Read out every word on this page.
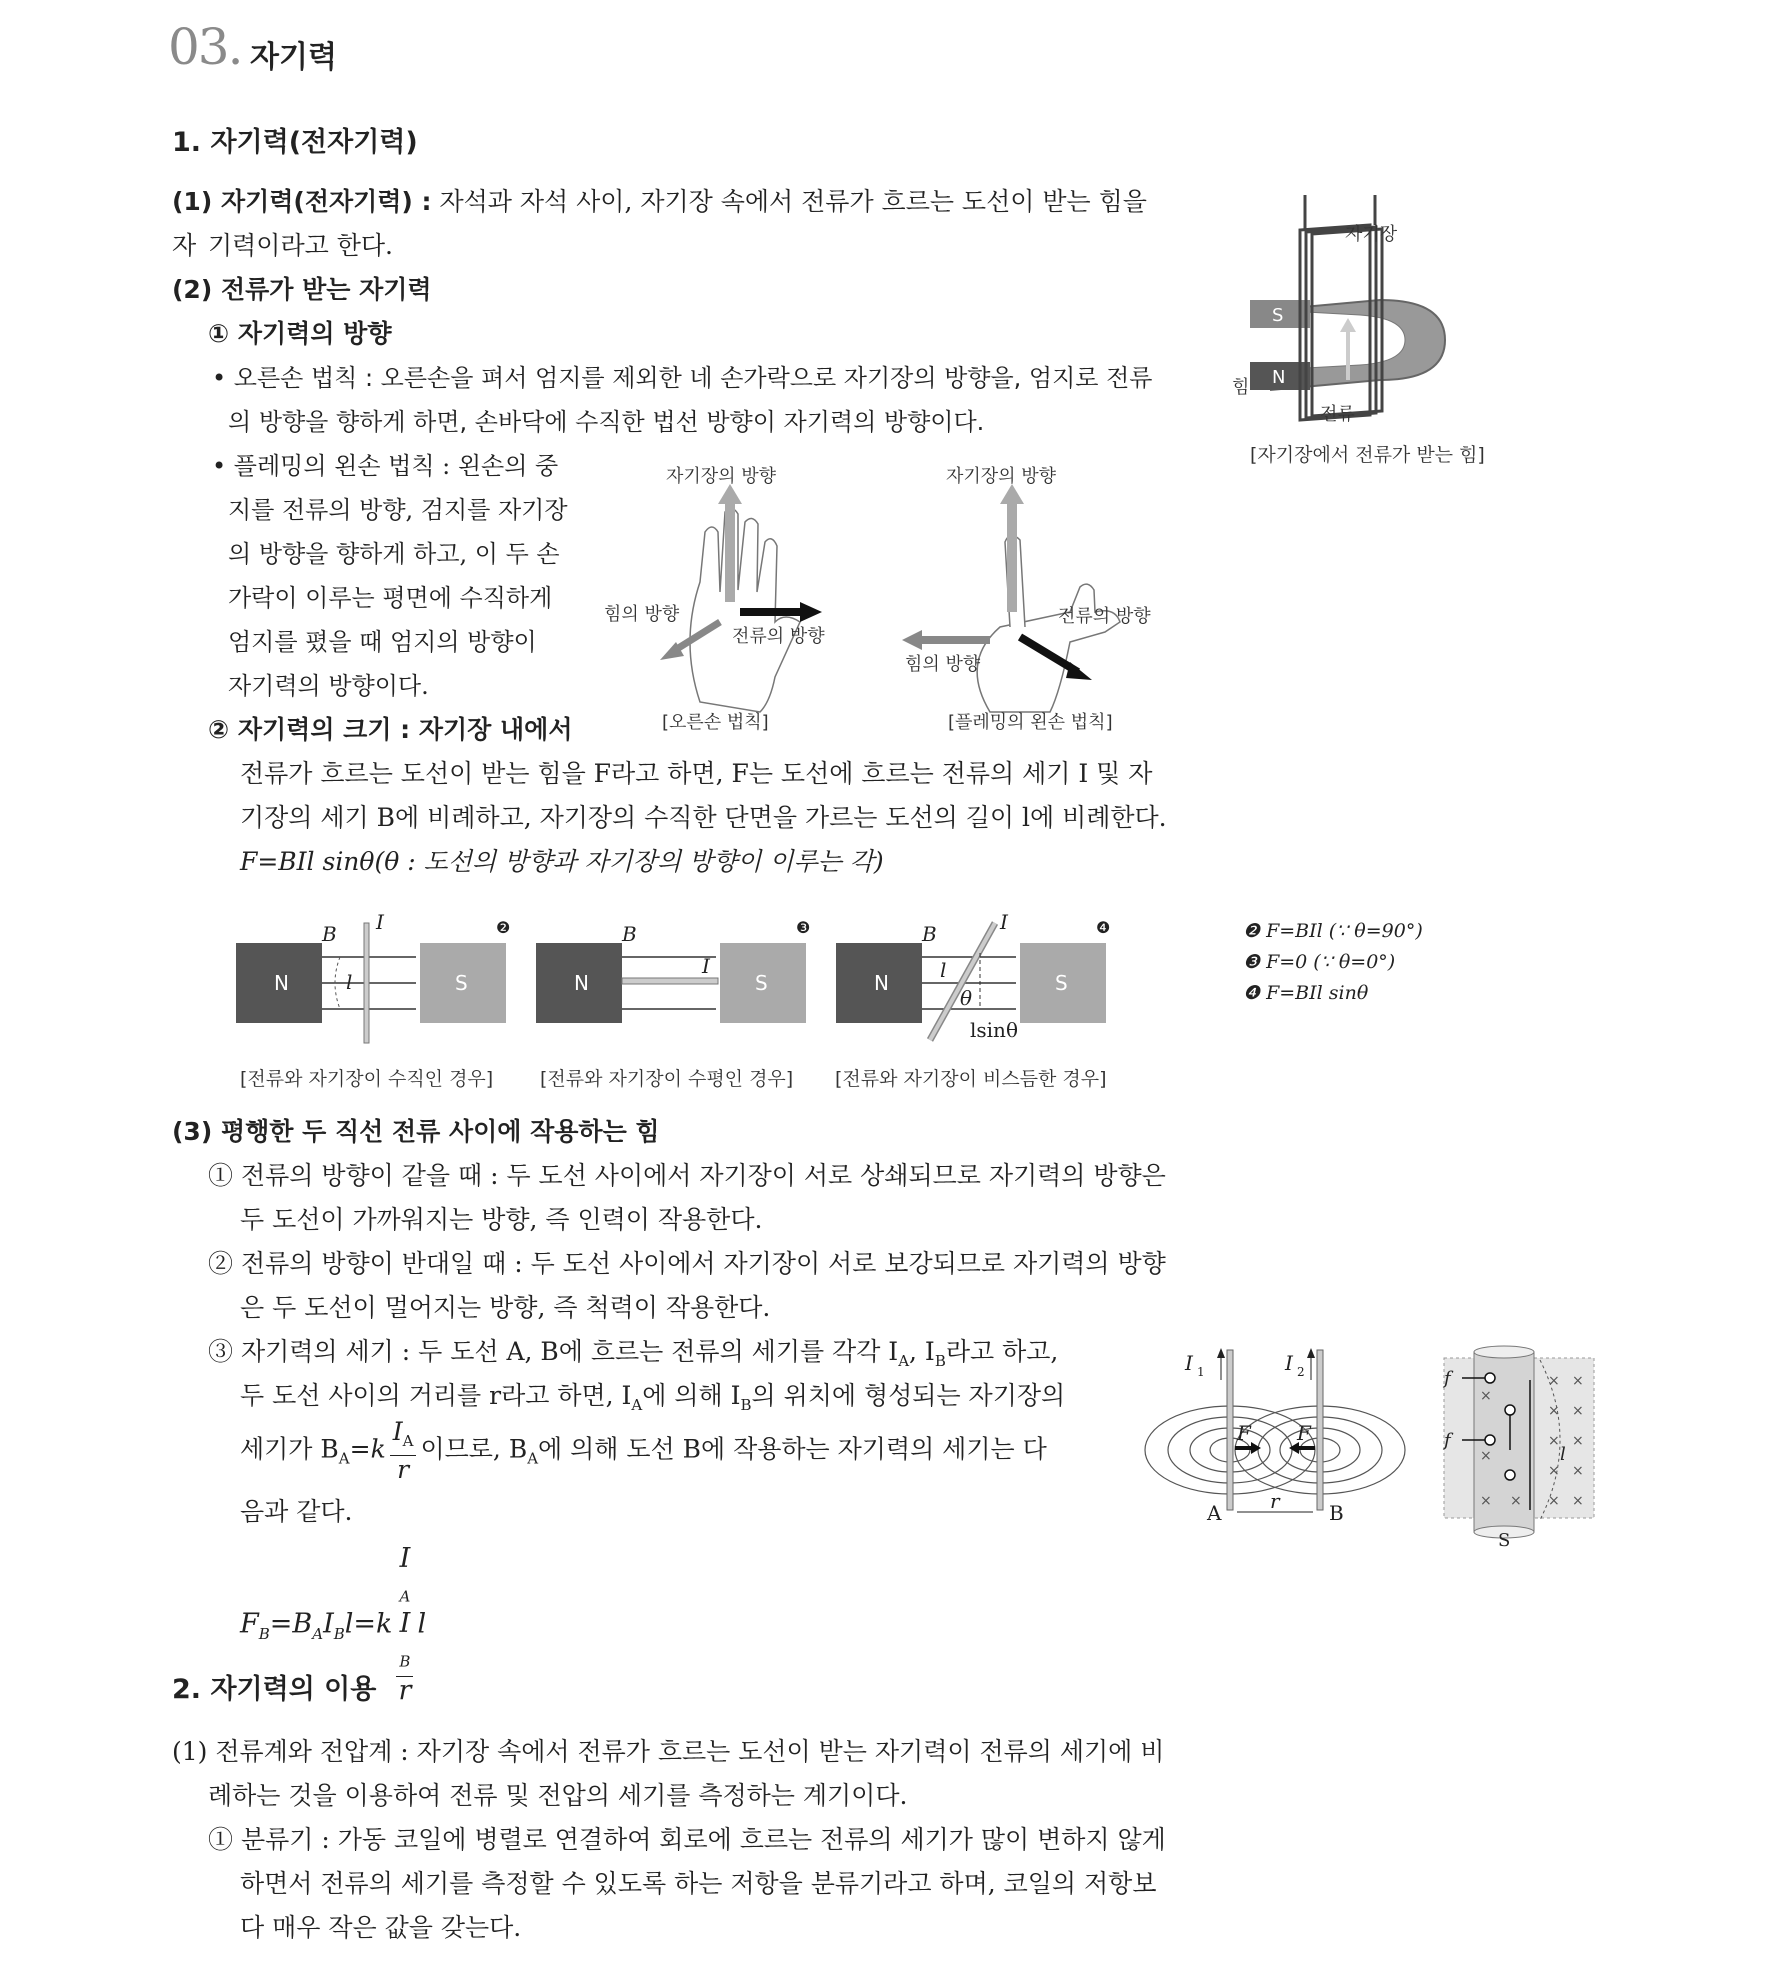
03. 자기력
1. 자기력(전자기력)
(1) 자기력(전자기력) : 자석과 자석 사이, 자기장 속에서 전류가 흐르는 도선이 받는 힘을 자 기력이라고 한다.
(2) 전류가 받는 자기력
① 자기력의 방향
• 오른손 법칙 : 오른손을 펴서 엄지를 제외한 네 손가락으로 자기장의 방향을, 엄지로 전류
의 방향을 향하게 하면, 손바닥에 수직한 법선 방향이 자기력의 방향이다.
• 플레밍의 왼손 법칙 : 왼손의 중
지를 전류의 방향, 검지를 자기장
의 방향을 향하게 하고, 이 두 손
가락이 이루는 평면에 수직하게
엄지를 폈을 때 엄지의 방향이
자기력의 방향이다.
② 자기력의 크기 : 자기장 내에서
전류가 흐르는 도선이 받는 힘을 F라고 하면, F는 도선에 흐르는 전류의 세기 I 및 자
기장의 세기 B에 비례하고, 자기장의 수직한 단면을 가르는 도선의 길이 l에 비례한다.
F=BIl sinθ(θ : 도선의 방향과 자기장의 방향이 이루는 각)
S
N
자기장
힘
전류
[자기장에서 전류가 받는 힘]
자기장의 방향
힘의 방향
전류의 방향
자기장의 방향
전류의 방향
힘의 방향
[오른손 법칙]	[플레밍의 왼손 법칙]
N	S
B I
l
❷
N	S
B
I
❸
N	S
B	I
l
θ
lsinθ
❹
[전류와 자기장이 수직인 경우] [전류와 자기장이 수평인 경우] [전류와 자기장이 비스듬한 경우]
❷ F=BIl (∵ θ=90°)
❸ F=0 (∵ θ=0°)
❹ F=BIl sinθ
(3) 평행한 두 직선 전류 사이에 작용하는 힘
① 전류의 방향이 같을 때 : 두 도선 사이에서 자기장이 서로 상쇄되므로 자기력의 방향은
두 도선이 가까워지는 방향, 즉 인력이 작용한다.
② 전류의 방향이 반대일 때 : 두 도선 사이에서 자기장이 서로 보강되므로 자기력의 방향
은 두 도선이 멀어지는 방향, 즉 척력이 작용한다.
③ 자기력의 세기 : 두 도선 A, B에 흐르는 전류의 세기를 각각 $I_A$, $I_B$라고 하고,
두 도선 사이의 거리를 r라고 하면, $I_A$에 의해 $I_B$의 위치에 형성되는 자기장의
세기가 $B_A=k \frac{I_A}{r}$ 이므로, $B_A$에 의해 도선 B에 작용하는 자기력의 세기는 다
음과 같다.
$F_B=B_AI_Bl=k$ I
$_A$
I
$_B$
r l
I 1	I 2
F F
A	B
r
× ×
× ×
× ×
× ×
× ×
×
×
× ×
f
f
l
S
2. 자기력의 이용
(1) 전류계와 전압계 : 자기장 속에서 전류가 흐르는 도선이 받는 자기력이 전류의 세기에 비
례하는 것을 이용하여 전류 및 전압의 세기를 측정하는 계기이다.
① 분류기 : 가동 코일에 병렬로 연결하여 회로에 흐르는 전류의 세기가 많이 변하지 않게
하면서 전류의 세기를 측정할 수 있도록 하는 저항을 분류기라고 하며, 코일의 저항보
다 매우 작은 값을 갖는다.
